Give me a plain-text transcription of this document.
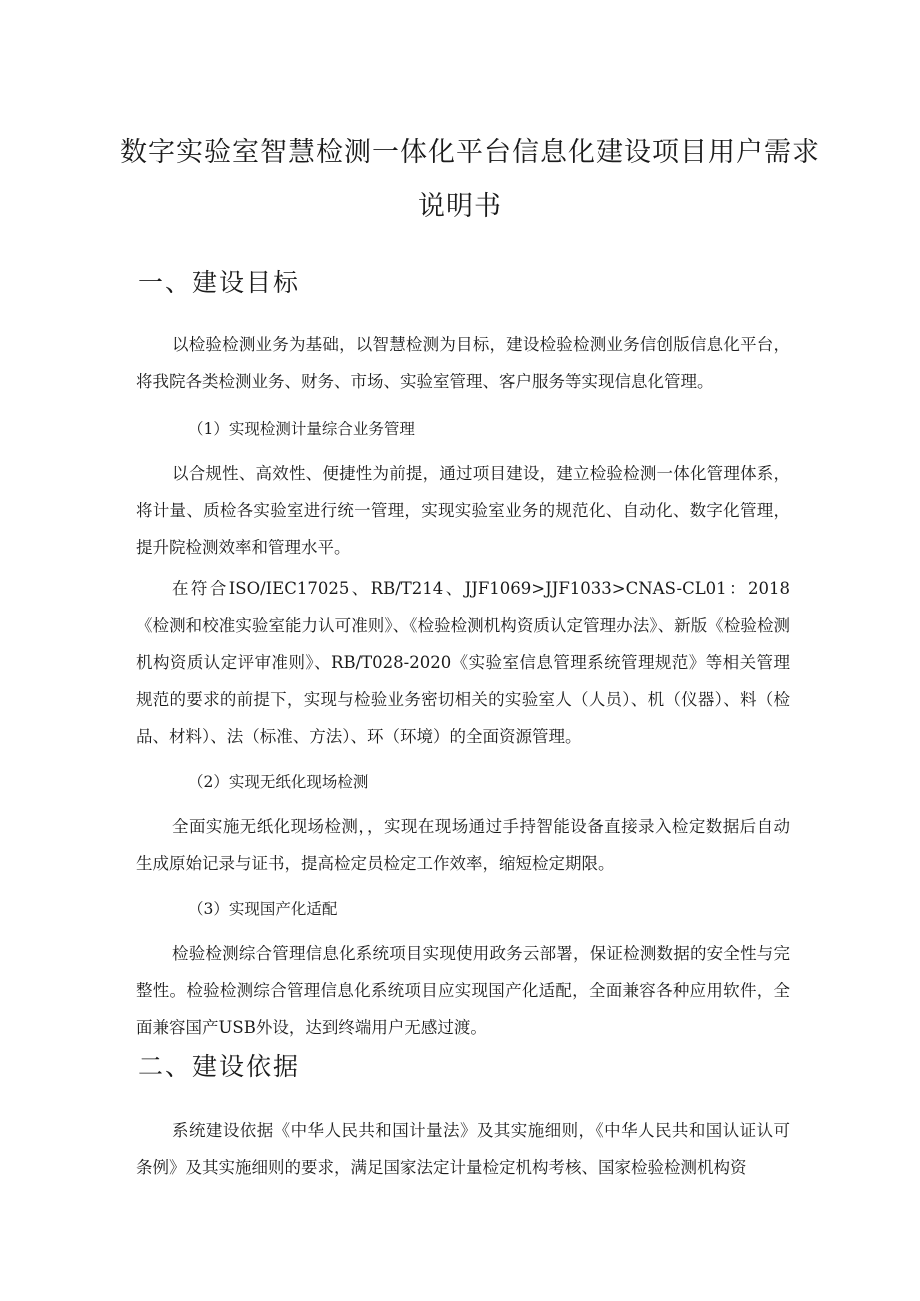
数字实验室智慧检测一体化平台信息化建设项目用户需求
说明书
一、建设目标

以检验检测业务为基础，以智慧检测为目标，建设检验检测业务信创版信息化平台，将我院各类检测业务、财务、市场、实验室管理、客户服务等实现信息化管理。

（1）实现检测计量综合业务管理

以合规性、高效性、便捷性为前提，通过项目建设，建立检验检测一体化管理体系，将计量、质检各实验室进行统一管理，实现实验室业务的规范化、自动化、数字化管理，提升院检测效率和管理水平。

在符合ISO/IEC17025、RB/T214、JJF1069>JJF1033>CNAS-CL01：2018《检测和校准实验室能力认可准则》、《检验检测机构资质认定管理办法》、新版《检验检测机构资质认定评审准则》、RB/T028-2020《实验室信息管理系统管理规范》等相关管理规范的要求的前提下，实现与检验业务密切相关的实验室人（人员）、机（仪器）、料（检品、材料）、法（标准、方法）、环（环境）的全面资源管理。

（2）实现无纸化现场检测

全面实施无纸化现场检测，，实现在现场通过手持智能设备直接录入检定数据后自动生成原始记录与证书，提高检定员检定工作效率，缩短检定期限。

（3）实现国产化适配

检验检测综合管理信息化系统项目实现使用政务云部署，保证检测数据的安全性与完整性。检验检测综合管理信息化系统项目应实现国产化适配，全面兼容各种应用软件，全面兼容国产USB外设，达到终端用户无感过渡。

二、建设依据

系统建设依据《中华人民共和国计量法》及其实施细则，《中华人民共和国认证认可条例》及其实施细则的要求，满足国家法定计量检定机构考核、国家检验检测机构资
